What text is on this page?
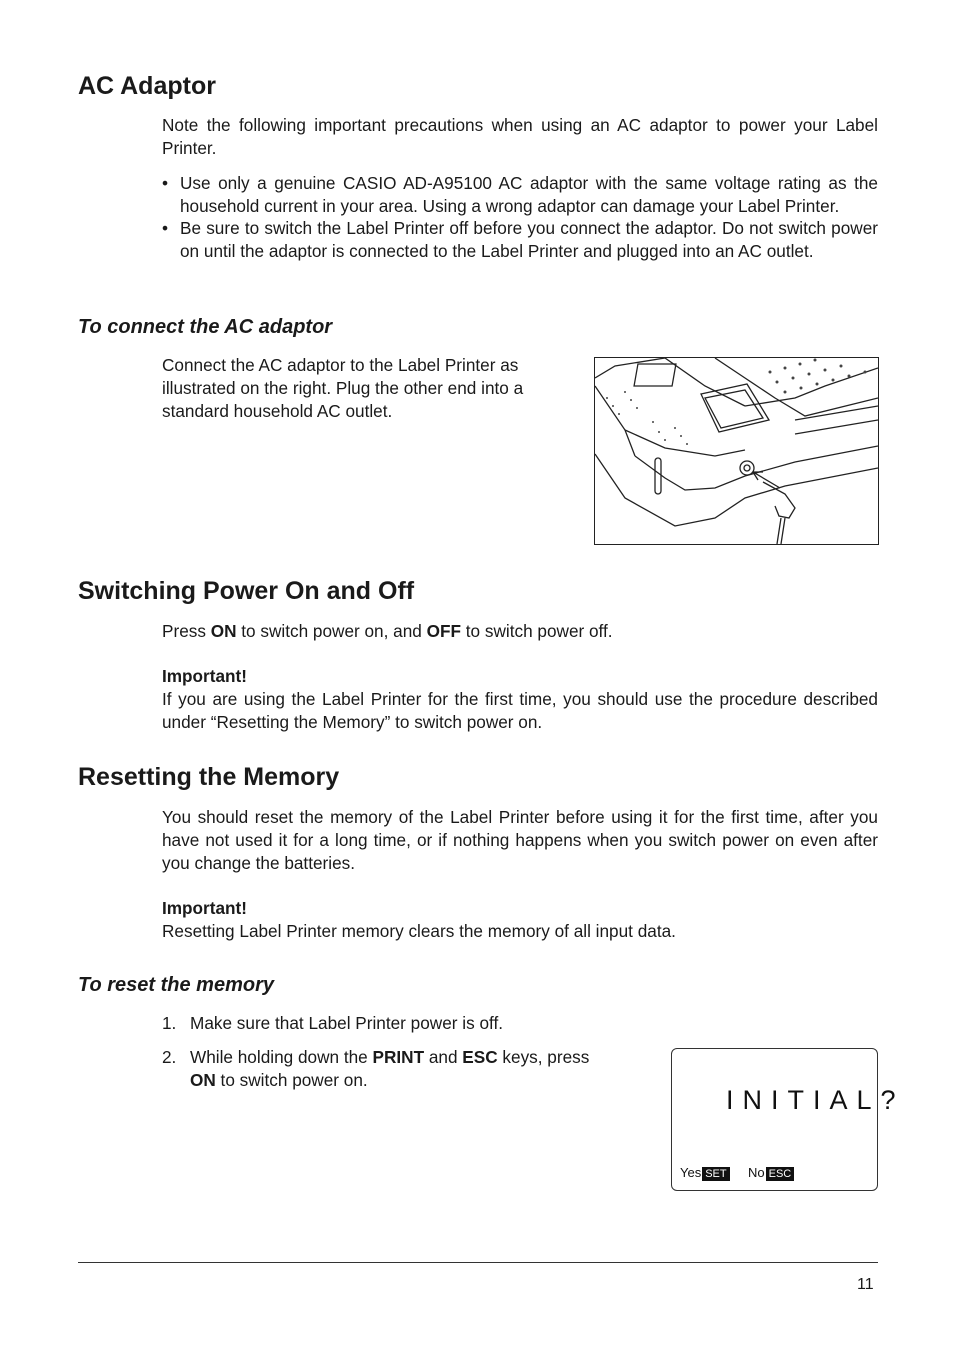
AC Adaptor

Note the following important precautions when using an AC adaptor to power your Label Printer.

• Use only a genuine CASIO AD-A95100 AC adaptor with the same voltage rating as the household current in your area. Using a wrong adaptor can damage your Label Printer.

• Be sure to switch the Label Printer off before you connect the adaptor. Do not switch power on until the adaptor is connected to the Label Printer and plugged into an AC outlet.

To connect the AC adaptor

Connect the AC adaptor to the Label Printer as illustrated on the right. Plug the other end into a standard household AC outlet.

Switching Power On and Off

Press ON to switch power on, and OFF to switch power off.

Important!

If you are using the Label Printer for the first time, you should use the procedure described under “Resetting the Memory” to switch power on.

Resetting the Memory

You should reset the memory of the Label Printer before using it for the first time, after you have not used it for a long time, or if nothing happens when you switch power on even after you change the batteries.

Important!

Resetting Label Printer memory clears the memory of all input data.

To reset the memory
1. Make sure that Label Printer power is off.

2. While holding down the PRINT and ESC keys, press
ON to switch power on.

INITIAL?
Yes SET No ESC
11
